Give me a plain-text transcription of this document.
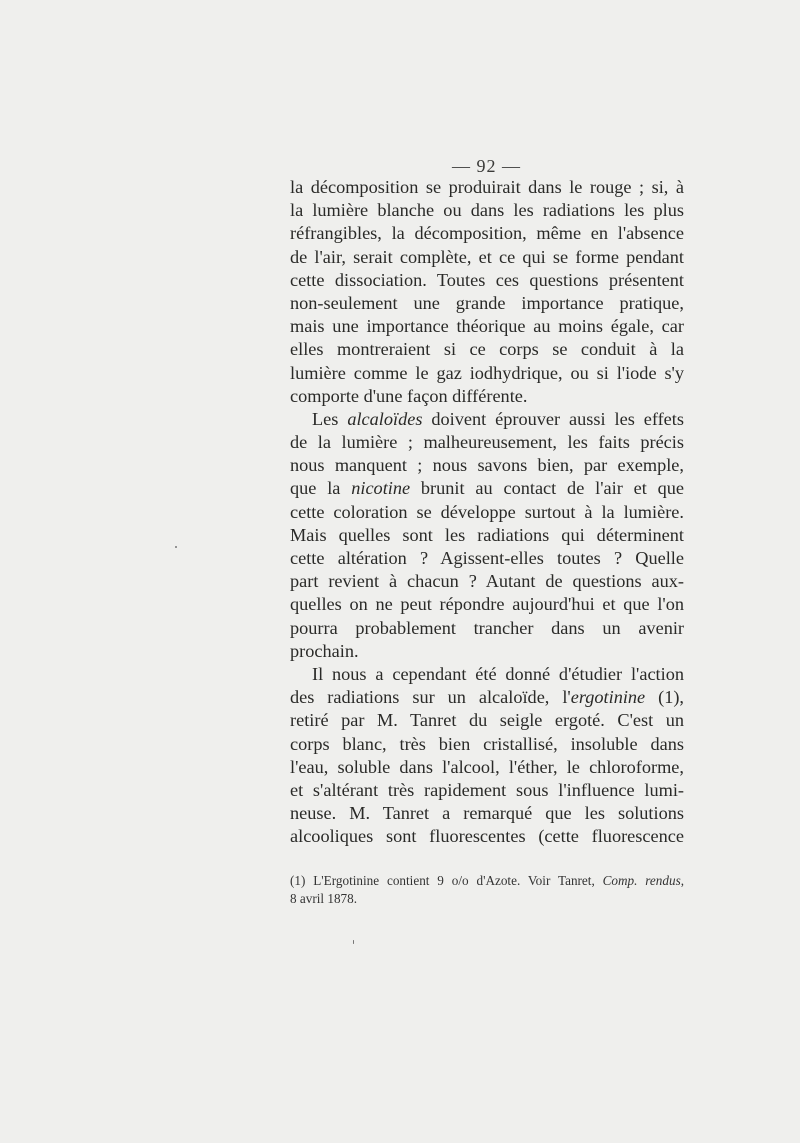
— 92 —
la décomposition se produirait dans le rouge ; si, à
la lumière blanche ou dans les radiations les plus
réfrangibles, la décomposition, même en l'absence
de l'air, serait complète, et ce qui se forme pendant
cette dissociation. Toutes ces questions présentent
non-seulement une grande importance pratique,
mais une importance théorique au moins égale, car
elles montreraient si ce corps se conduit à la
lumière comme le gaz iodhydrique, ou si l'iode s'y
comporte d'une façon différente.
Les alcaloïdes doivent éprouver aussi les effets
de la lumière ; malheureusement, les faits précis
nous manquent ; nous savons bien, par exemple,
que la nicotine brunit au contact de l'air et que
cette coloration se développe surtout à la lumière.
Mais quelles sont les radiations qui déterminent
cette altération ? Agissent-elles toutes ? Quelle
part revient à chacun ? Autant de questions aux-
quelles on ne peut répondre aujourd'hui et que l'on
pourra probablement trancher dans un avenir
prochain.
Il nous a cependant été donné d'étudier l'action
des radiations sur un alcaloïde, l'ergotinine (1),
retiré par M. Tanret du seigle ergoté. C'est un
corps blanc, très bien cristallisé, insoluble dans
l'eau, soluble dans l'alcool, l'éther, le chloroforme,
et s'altérant très rapidement sous l'influence lumi-
neuse. M. Tanret a remarqué que les solutions
alcooliques sont fluorescentes (cette fluorescence
(1) L'Ergotinine contient 9 o/o d'Azote. Voir Tanret, Comp. rendus,
8 avril 1878.
